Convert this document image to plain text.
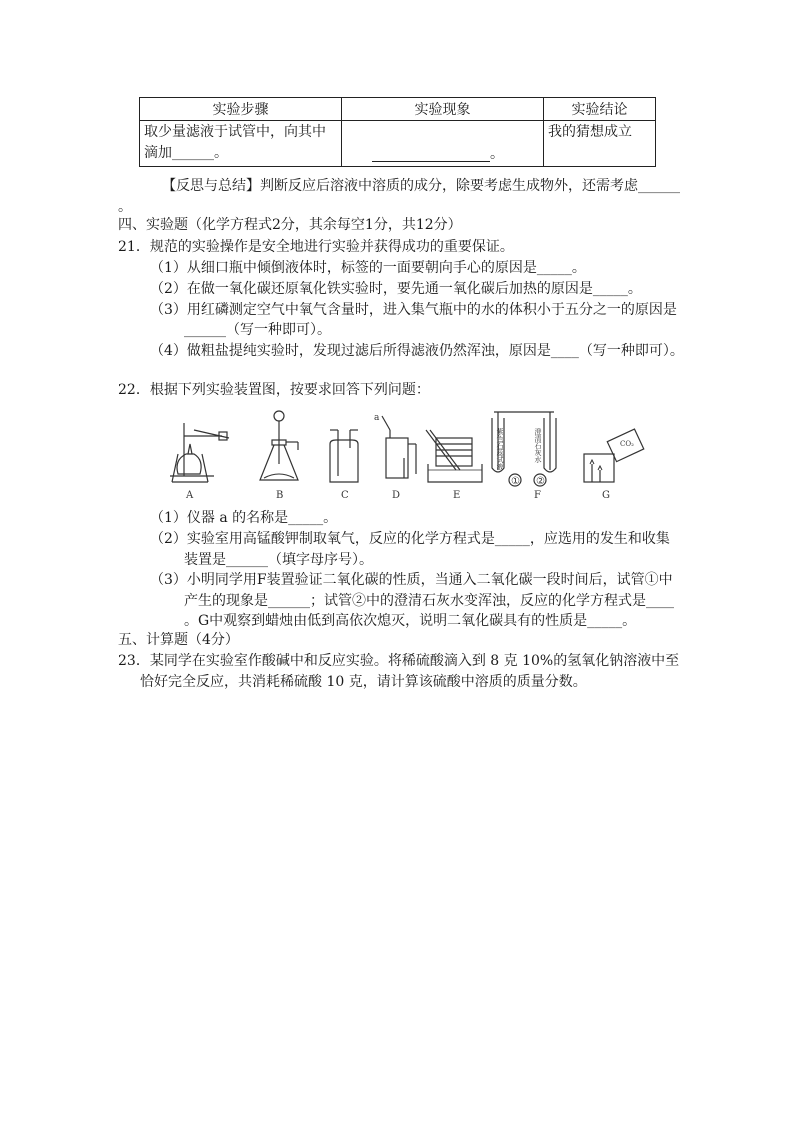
实验步骤	实验现象	实验结论
取少量滤液于试管中，向其中滴加______。	。	我的猜想成立
【反思与总结】判断反应后溶液中溶质的成分，除要考虑生成物外，还需考虑______
。
四、实验题（化学方程式2分，其余每空1分，共12分）
21．规范的实验操作是安全地进行实验并获得成功的重要保证。
（1）从细口瓶中倾倒液体时，标签的一面要朝向手心的原因是_____。
（2）在做一氧化碳还原氧化铁实验时，要先通一氧化碳后加热的原因是_____。
（3）用红磷测定空气中氧气含量时，进入集气瓶中的水的体积小于五分之一的原因是
______（写一种即可）。
（4）做粗盐提纯实验时，发现过滤后所得滤液仍然浑浊，原因是____（写一种即可）。
22．根据下列实验装置图，按要求回答下列问题：
紫色石蕊试液	澄清石灰水
① ②
CO₂
a
A	B	C	D	E	F	G
（1）仪器 a 的名称是_____。
（2）实验室用高锰酸钾制取氧气，反应的化学方程式是_____，应选用的发生和收集
装置是______（填字母序号）。
（3）小明同学用F装置验证二氧化碳的性质，当通入二氧化碳一段时间后，试管①中
产生的现象是______；试管②中的澄清石灰水变浑浊，反应的化学方程式是____
。G中观察到蜡烛由低到高依次熄灭，说明二氧化碳具有的性质是_____。
五、计算题（4分）
23．某同学在实验室作酸碱中和反应实验。将稀硫酸滴入到 8 克 10%的氢氧化钠溶液中至
恰好完全反应，共消耗稀硫酸 10 克，请计算该硫酸中溶质的质量分数。
